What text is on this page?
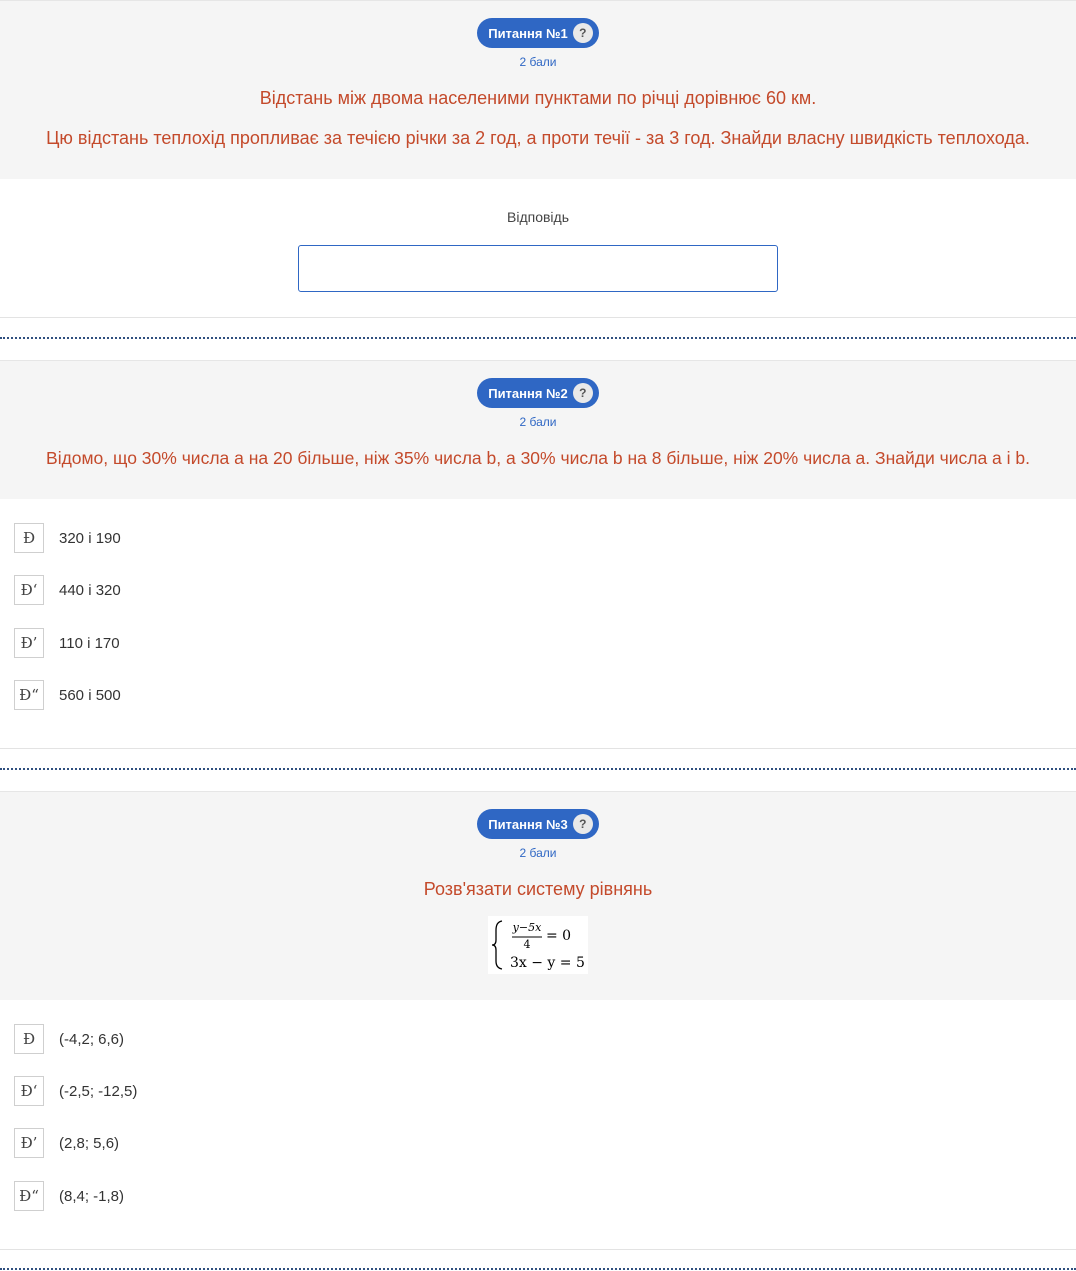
Питання №1 ?
2 бали
Відстань між двома населеними пунктами по річці дорівнює 60 км.
Цю відстань теплохід пропливає за течією річки за 2 год, а проти течії - за 3 год. Знайди власну швидкість теплохода.
Відповідь
Питання №2 ?
2 бали
Відомо, що 30% числа a на 20 більше, ніж 35% числа b, а 30% числа b на 8 більше, ніж 20% числа a. Знайди числа a і b.
Ð	320 і 190
Ð‘	440 і 320
Ð’	110 і 170
Ð“	560 і 500
Питання №3 ?
2 бали
Розв'язати систему рівнянь
y−5x
4
= 0
3x − y = 5
Ð	(-4,2; 6,6)
Ð‘	(-2,5; -12,5)
Ð’	(2,8; 5,6)
Ð“	(8,4; -1,8)
